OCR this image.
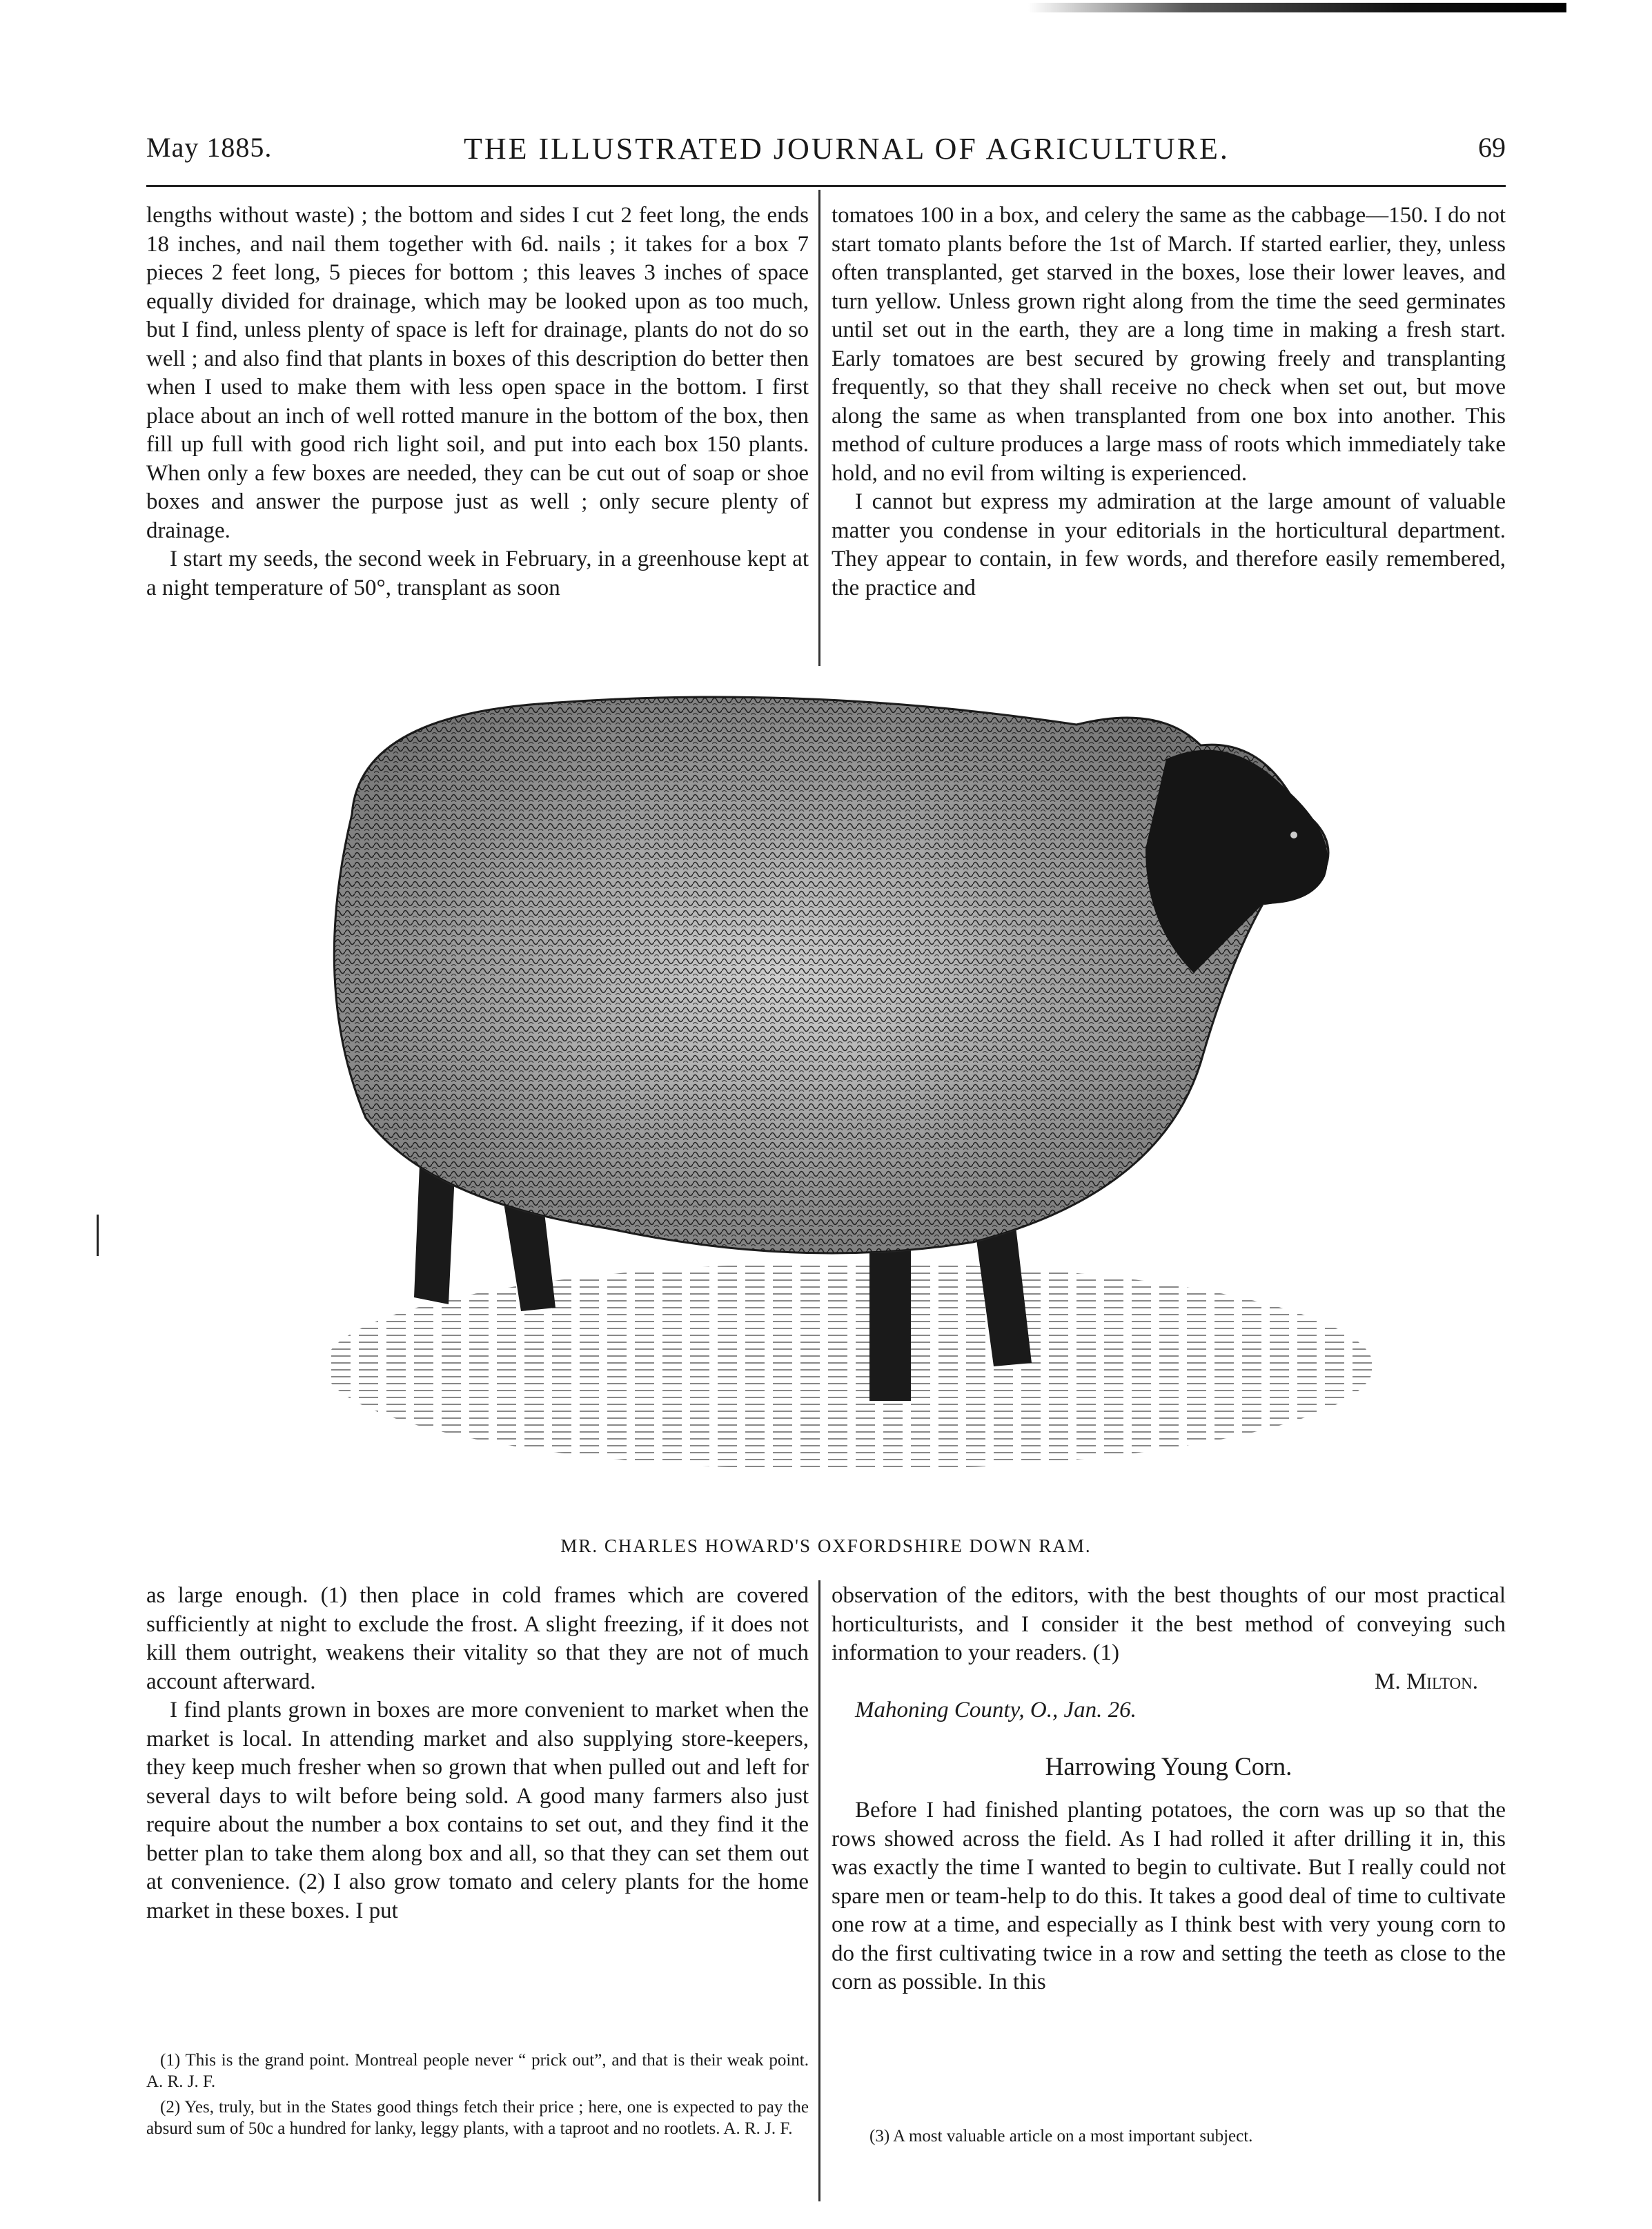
May 1885.	THE ILLUSTRATED JOURNAL OF AGRICULTURE.	69

lengths without waste) ; the bottom and sides I cut 2 feet long, the ends 18 inches, and nail them together with 6d. nails ; it takes for a box 7 pieces 2 feet long, 5 pieces for bottom ; this leaves 3 inches of space equally divided for drainage, which may be looked upon as too much, but I find, unless plenty of space is left for drainage, plants do not do so well ; and also find that plants in boxes of this description do better then when I used to make them with less open space in the bottom. I first place about an inch of well rotted manure in the bottom of the box, then fill up full with good rich light soil, and put into each box 150 plants. When only a few boxes are needed, they can be cut out of soap or shoe boxes and answer the purpose just as well ; only secure plenty of drainage.

I start my seeds, the second week in February, in a greenhouse kept at a night temperature of 50°, transplant as soon

tomatoes 100 in a box, and celery the same as the cabbage—150. I do not start tomato plants before the 1st of March. If started earlier, they, unless often transplanted, get starved in the boxes, lose their lower leaves, and turn yellow. Unless grown right along from the time the seed germinates until set out in the earth, they are a long time in making a fresh start. Early tomatoes are best secured by growing freely and transplanting frequently, so that they shall receive no check when set out, but move along the same as when transplanted from one box into another. This method of culture produces a large mass of roots which immediately take hold, and no evil from wilting is experienced.

I cannot but express my admiration at the large amount of valuable matter you condense in your editorials in the horticultural department. They appear to contain, in few words, and therefore easily remembered, the practice and

MR. CHARLES HOWARD'S OXFORDSHIRE DOWN RAM.

as large enough. (1) then place in cold frames which are covered sufficiently at night to exclude the frost. A slight freezing, if it does not kill them outright, weakens their vitality so that they are not of much account afterward.

I find plants grown in boxes are more convenient to market when the market is local. In attending market and also supplying store-keepers, they keep much fresher when so grown that when pulled out and left for several days to wilt before being sold. A good many farmers also just require about the number a box contains to set out, and they find it the better plan to take them along box and all, so that they can set them out at convenience. (2) I also grow tomato and celery plants for the home market in these boxes. I put

(1) This is the grand point. Montreal people never “ prick out”, and that is their weak point. A. R. J. F.

(2) Yes, truly, but in the States good things fetch their price ; here, one is expected to pay the absurd sum of 50c a hundred for lanky, leggy plants, with a taproot and no rootlets. A. R. J. F.

observation of the editors, with the best thoughts of our most practical horticulturists, and I consider it the best method of conveying such information to your readers. (1)

M. Milton.
Mahoning County, O., Jan. 26.
Harrowing Young Corn.

Before I had finished planting potatoes, the corn was up so that the rows showed across the field. As I had rolled it after drilling it in, this was exactly the time I wanted to begin to cultivate. But I really could not spare men or team-help to do this. It takes a good deal of time to cultivate one row at a time, and especially as I think best with very young corn to do the first cultivating twice in a row and setting the teeth as close to the corn as possible. In this

(3) A most valuable article on a most important subject.
